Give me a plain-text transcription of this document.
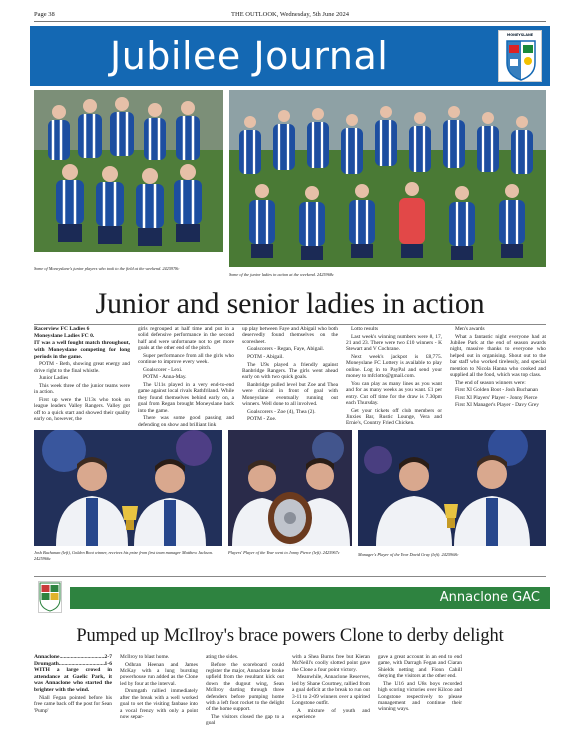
Page 38	THE OUTLOOK, Wednesday, 5th June 2024
Jubilee Journal	MONEYSLANE
Some of Moneyslane's junior players who took to the field at the weekend. 2425978c
Some of the junior ladies in action at the weekend. 2425968c
Junior and senior ladies in action

Racerview FC Ladies 6
Moneyslane Ladies FC 0.

IT was a well fought match throughout, with Moneyslane competing for long periods in the game.

POTM - Beth, showing great energy and drive right to the final whistle.

Junior Ladies

This week three of the junior teams were in action.

First up were the U13s who took on league leaders Valley Rangers. Valley got off to a quick start and showed their quality early on, however, the

girls regrouped at half time and put in a solid defensive performance in the second half and were unfortunate not to get more goals at the other end of the pitch.

Super performance from all the girls who continue to improve every week.

Goalscorer - Lexi.

POTM - Anna-May.

The U11s played in a very end-to-end game against local rivals Rathfriland. While they found themselves behind early on, a goal from Regan brought Moneyslane back into the game.

There was some good passing and defending on show and brilliant link

up play between Faye and Abigail who both deservedly found themselves on the scoresheet.

Goalscorers - Regan, Faye, Abigail.

POTM - Abigail.

The U9s played a friendly against Banbridge Rangers. The girls went ahead early on with two quick goals.

Banbridge pulled level but Zoe and Thea were clinical in front of goal with Moneyslane eventually running out winners. Well done to all involved.

Goalscorers - Zoe (4), Thea (2).

POTM - Zoe.

Lotto results

Last week's winning numbers were 8, 17, 21 and 23. There were two £10 winners - K Stewart and V Cochrane.

Next week's jackpot is £8,775. Moneyslane FC Lottery is available to play online. Log in to PayPal and send your money to mfclotto@gmail.com.

You can play as many lines as you want and for as many weeks as you want. £1 per entry. Cut off time for the draw is 7.30pm each Thursday.

Get your tickets off club members or Jinxies Bar, Rustic Lounge, Vera and Ernie's, Country Fried Chicken.

Men's awards

What a fantastic night everyone had at Jubilee Park at the end of season awards night, massive thanks to everyone who helped out in organising. Shout out to the bar staff who worked tirelessly, and special mention to Nicola Hanna who cooked and supplied all the food, which was top class.

The end of season winners were:

First XI Golden Boot - Josh Buchanan

First XI Players' Player - Jonny Pierce

First XI Manager's Player - Davy Grey

Josh Buchanan (left), Golden Boot winner, receives his prize from first team manager Matthew Jackson. 2425966c
Players' Player of the Year went to Jonny Pierce (left). 2425967c	Manager's Player of the Year David Gray (left). 2425968c
Annaclone GAC
Pumped up McIlroy's brace powers Clone to derby delight
Annaclone .....	2-7
Drumgath .....	1-6

WITH a large crowd in attendance at Gaelic Park, it was Annaclone who started the brighter with the wind.

Niall Fegan pointed before his free came back off the post for Sean 'Pump'

McIlroy to blast home.

Odhran Heenan and James McKay with a lung bursting powerhouse run added as the Clone led by four at the interval.

Drumgath rallied immediately after the break with a well worked goal to set the visiting fanbase into a vocal frenzy with only a point now separ-

ating the sides.

Before the scoreboard could register the major, Annaclone broke upfield from the resultant kick out down the dugout wing, Sean McIlroy darting through three defenders before pumping home with a left foot rocket to the delight of the home support.

The visitors closed the gap to a goal

with a Shea Burns free but Kieran McNeill's coolly slotted point gave the Clone a four point victory.

Meanwhile, Annaclone Reserves, led by Shane Courtney, rallied from a goal deficit at the break to run out 3-11 to 2-09 winners over a spirited Longstone outfit.

A mixture of youth and experience

gave a great account in an end to end game, with Darragh Fegan and Ciaran Shields netting and Fionn Cahill denying the visitors at the other end.

The U16 and U8s boys recorded high scoring victories over Kilcoo and Longstone respectively to please management and continue their winning ways.
